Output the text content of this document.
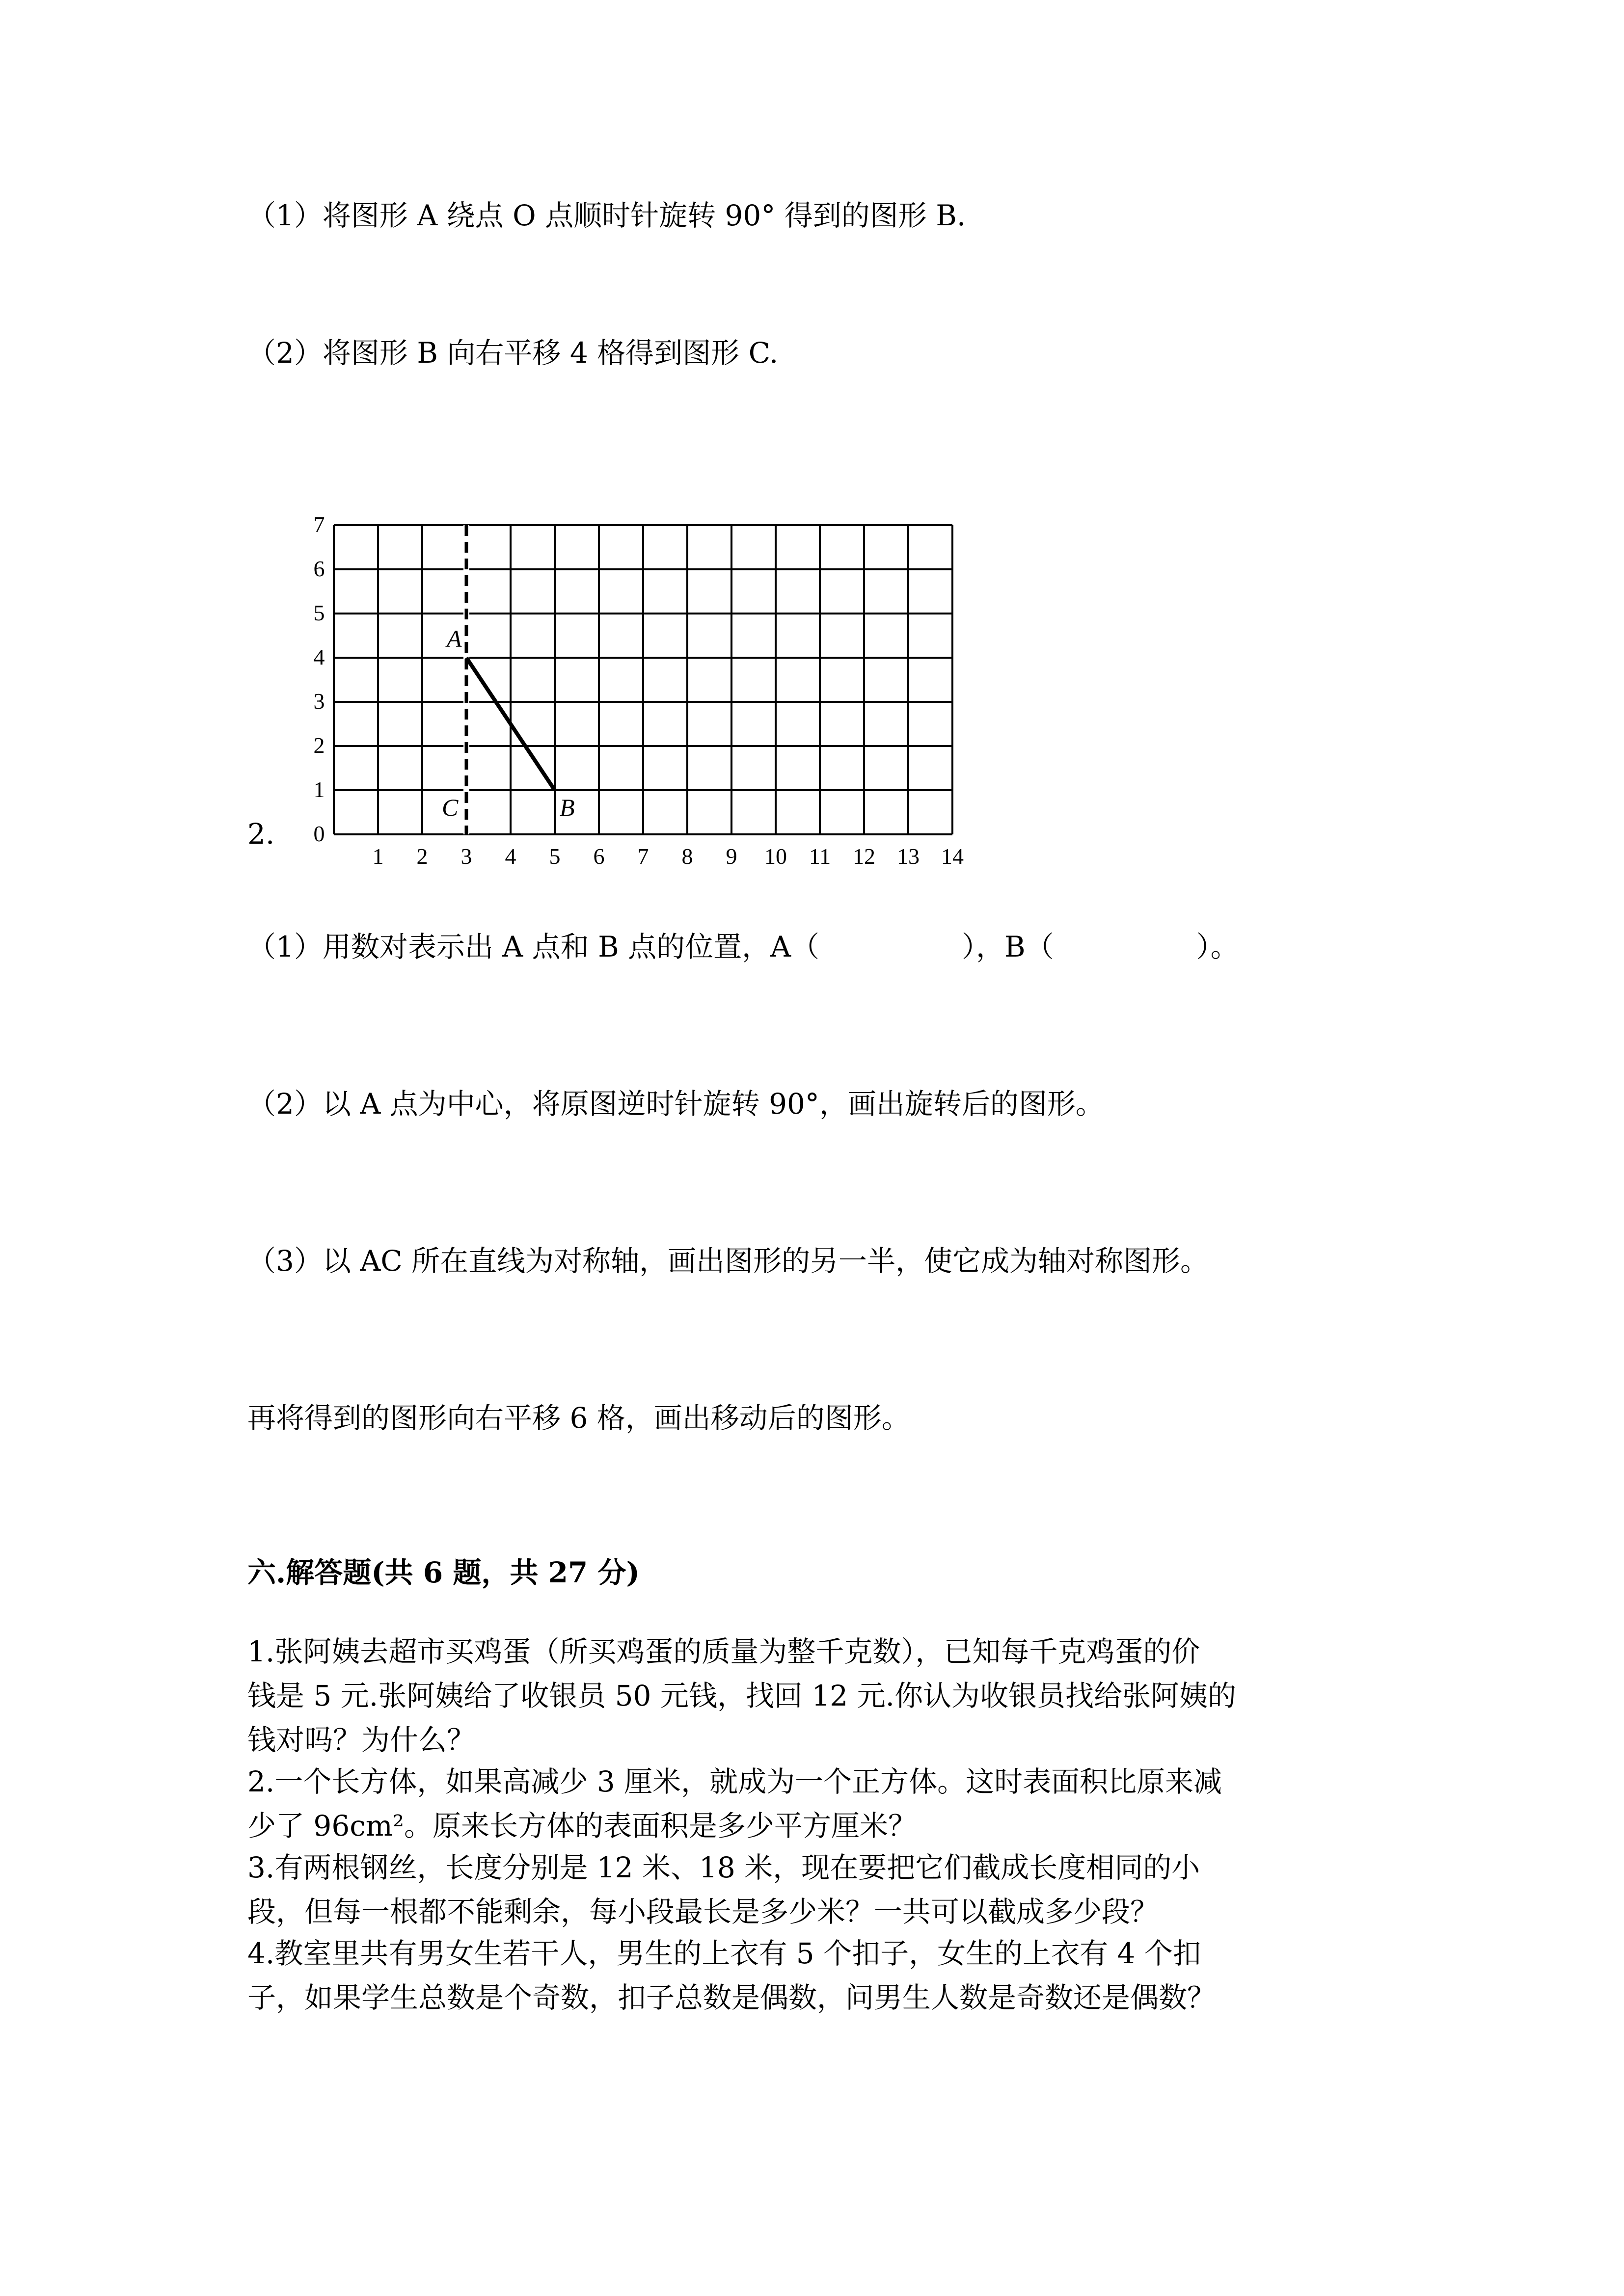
（1）将图形 A 绕点 O 点顺时针旋转 90° 得到的图形 B.
（2）将图形 B 向右平移 4 格得到图形 C.
2. 0
1
2
3
4
5
6
7
1 2 3 4 5 6 7 8 9 10 11 12 13 14
A
B
C
（1）用数对表示出 A 点和 B 点的位置，A（　　　　　），B（　　　　　）。
（2）以 A 点为中心，将原图逆时针旋转 90°，画出旋转后的图形。
（3）以 AC 所在直线为对称轴，画出图形的另一半，使它成为轴对称图形。
再将得到的图形向右平移 6 格，画出移动后的图形。
六.解答题(共 6 题，共 27 分)
1.张阿姨去超市买鸡蛋（所买鸡蛋的质量为整千克数），已知每千克鸡蛋的价
钱是 5 元.张阿姨给了收银员 50 元钱，找回 12 元.你认为收银员找给张阿姨的
钱对吗？为什么？
2.一个长方体，如果高减少 3 厘米，就成为一个正方体。这时表面积比原来减
少了 96cm²。原来长方体的表面积是多少平方厘米？
3.有两根钢丝，长度分别是 12 米、18 米，现在要把它们截成长度相同的小
段，但每一根都不能剩余，每小段最长是多少米？一共可以截成多少段？
4.教室里共有男女生若干人，男生的上衣有 5 个扣子，女生的上衣有 4 个扣
子，如果学生总数是个奇数，扣子总数是偶数，问男生人数是奇数还是偶数？
